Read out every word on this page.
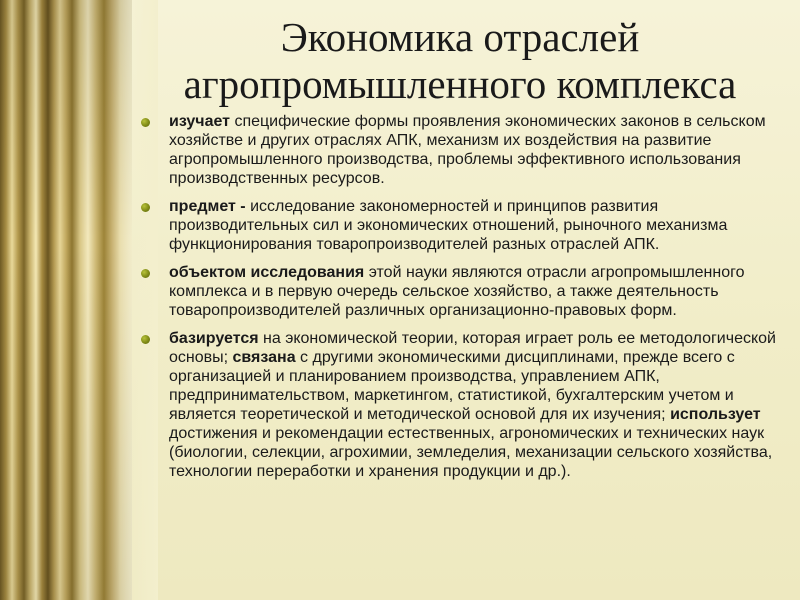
Экономика отраслей
агропромышленного комплекса
изучает специфические формы проявления экономических законов в сельском хозяйстве и других отраслях АПК, механизм их воздействия на развитие агропромышленного производства, проблемы эффективного использования производственных ресурсов.
предмет - исследование закономерностей и принципов развития производительных сил и экономических отношений, рыночного механизма функционирования товаропроизводителей разных отраслей АПК.
объектом исследования этой науки являются отрасли агропромышленного комплекса и в первую очередь сельское хозяйство, а также деятельность товаропроизводителей различных организационно-правовых форм.
базируется на экономической теории, которая играет роль ее методологической основы; связана с другими экономическими дисциплинами, прежде всего с организацией и планированием производства, управлением АПК, предпринимательством, маркетингом, статистикой, бухгалтерским учетом и является теоретической и методической основой для их изучения; использует достижения и рекомендации естественных, агрономических и технических наук (биологии, селекции, агрохимии, земледелия, механизации сельского хозяйства, технологии переработки и хранения продукции и др.).
